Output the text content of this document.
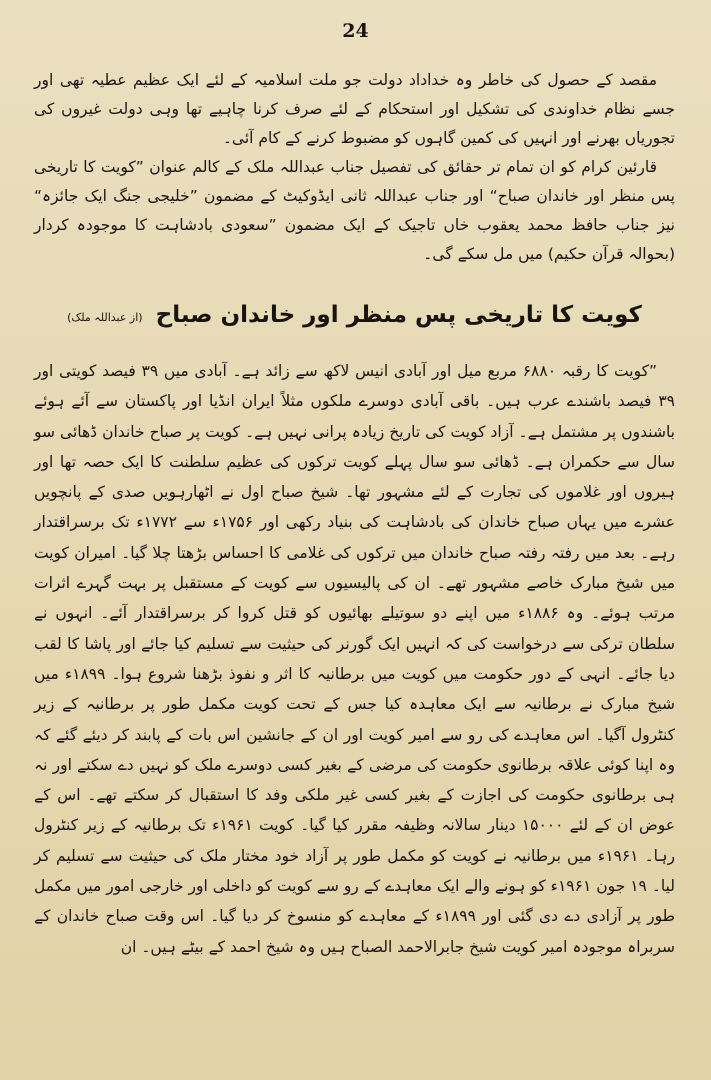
24

مقصد کے حصول کی خاطر وہ خداداد دولت جو ملت اسلامیہ کے لئے ایک عظیم عطیہ تھی اور جسے نظام خداوندی کی تشکیل اور استحکام کے لئے صرف کرنا چاہیے تھا وہی دولت غیروں کی تجوریاں بھرنے اور انہیں کی کمین گاہوں کو مضبوط کرنے کے کام آئی۔

قارئین کرام کو ان تمام تر حقائق کی تفصیل جناب عبداللہ ملک کے کالم عنوان ”کویت کا تاریخی پس منظر اور خاندان صباح“ اور جناب عبداللہ ثانی ایڈوکیٹ کے مضمون ”خلیجی جنگ ایک جائزہ“ نیز جناب حافظ محمد یعقوب خاں تاجیک کے ایک مضمون ”سعودی بادشاہت کا موجودہ کردار (بحوالہ قرآن حکیم) میں مل سکے گی۔

کویت کا تاریخی پس منظر اور خاندان صباح (از عبداللہ ملک)

”کویت کا رقبہ ۶۸۸۰ مربع میل اور آبادی انیس لاکھ سے زائد ہے۔ آبادی میں ۳۹ فیصد کویتی اور ۳۹ فیصد باشندے عرب ہیں۔ باقی آبادی دوسرے ملکوں مثلاً ایران انڈیا اور پاکستان سے آئے ہوئے باشندوں پر مشتمل ہے۔ آزاد کویت کی تاریخ زیادہ پرانی نہیں ہے۔ کویت پر صباح خاندان ڈھائی سو سال سے حکمران ہے۔ ڈھائی سو سال پہلے کویت ترکوں کی عظیم سلطنت کا ایک حصہ تھا اور ہیروں اور غلاموں کی تجارت کے لئے مشہور تھا۔ شیخ صباح اول نے اٹھارہویں صدی کے پانچویں عشرے میں یہاں صباح خاندان کی بادشاہت کی بنیاد رکھی اور ۱۷۵۶ء سے ۱۷۷۲ء تک برسراقتدار رہے۔ بعد میں رفتہ رفتہ صباح خاندان میں ترکوں کی غلامی کا احساس بڑھتا چلا گیا۔ امیران کویت میں شیخ مبارک خاصے مشہور تھے۔ ان کی پالیسیوں سے کویت کے مستقبل پر بہت گہرے اثرات مرتب ہوئے۔ وہ ۱۸۸۶ء میں اپنے دو سوتیلے بھائیوں کو قتل کروا کر برسراقتدار آئے۔ انہوں نے سلطان ترکی سے درخواست کی کہ انہیں ایک گورنر کی حیثیت سے تسلیم کیا جائے اور پاشا کا لقب دیا جائے۔ انہی کے دور حکومت میں کویت میں برطانیہ کا اثر و نفوذ بڑھنا شروع ہوا۔ ۱۸۹۹ء میں شیخ مبارک نے برطانیہ سے ایک معاہدہ کیا جس کے تحت کویت مکمل طور پر برطانیہ کے زیر کنٹرول آگیا۔ اس معاہدے کی رو سے امیر کویت اور ان کے جانشین اس بات کے پابند کر دیئے گئے کہ وہ اپنا کوئی علاقہ برطانوی حکومت کی مرضی کے بغیر کسی دوسرے ملک کو نہیں دے سکتے اور نہ ہی برطانوی حکومت کی اجازت کے بغیر کسی غیر ملکی وفد کا استقبال کر سکتے تھے۔ اس کے عوض ان کے لئے ۱۵۰۰۰ دینار سالانہ وظیفہ مقرر کیا گیا۔ کویت ۱۹۶۱ء تک برطانیہ کے زیر کنٹرول رہا۔ ۱۹۶۱ء میں برطانیہ نے کویت کو مکمل طور پر آزاد خود مختار ملک کی حیثیت سے تسلیم کر لیا۔ ۱۹ جون ۱۹۶۱ء کو ہونے والے ایک معاہدے کے رو سے کویت کو داخلی اور خارجی امور میں مکمل طور پر آزادی دے دی گئی اور ۱۸۹۹ء کے معاہدے کو منسوخ کر دیا گیا۔ اس وقت صباح خاندان کے سربراہ موجودہ امیر کویت شیخ جابرالاحمد الصباح ہیں وہ شیخ احمد کے بیٹے ہیں۔ ان
